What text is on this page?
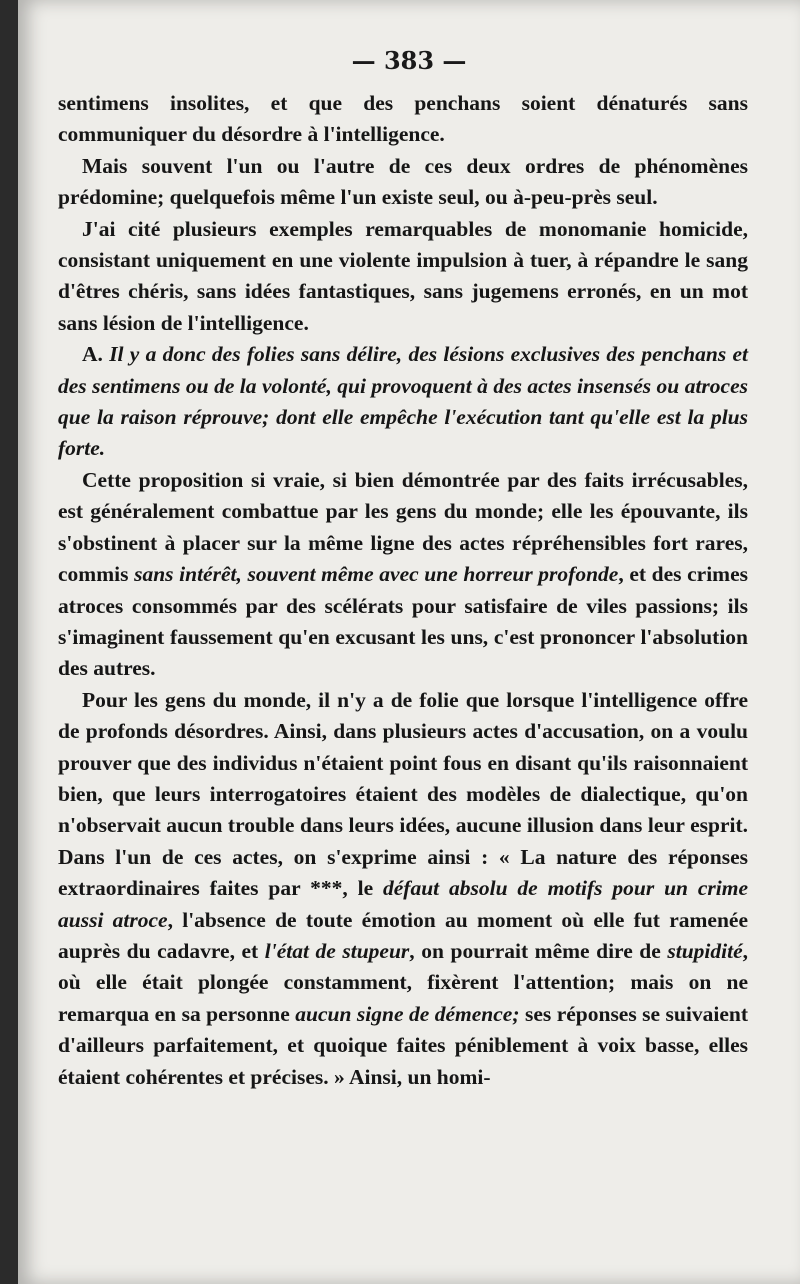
— 383 —

sentimens insolites, et que des penchans soient dénaturés sans communiquer du désordre à l'intelligence.

Mais souvent l'un ou l'autre de ces deux ordres de phénomènes prédomine; quelquefois même l'un existe seul, ou à-peu-près seul.

J'ai cité plusieurs exemples remarquables de monomanie homicide, consistant uniquement en une violente impulsion à tuer, à répandre le sang d'êtres chéris, sans idées fantastiques, sans jugemens erronés, en un mot sans lésion de l'intelligence.

A. Il y a donc des folies sans délire, des lésions exclusives des penchans et des sentimens ou de la volonté, qui provoquent à des actes insensés ou atroces que la raison réprouve; dont elle empêche l'exécution tant qu'elle est la plus forte.

Cette proposition si vraie, si bien démontrée par des faits irrécusables, est généralement combattue par les gens du monde; elle les épouvante, ils s'obstinent à placer sur la même ligne des actes répréhensibles fort rares, commis sans intérêt, souvent même avec une horreur profonde, et des crimes atroces consommés par des scélérats pour satisfaire de viles passions; ils s'imaginent faussement qu'en excusant les uns, c'est prononcer l'absolution des autres.

Pour les gens du monde, il n'y a de folie que lorsque l'intelligence offre de profonds désordres. Ainsi, dans plusieurs actes d'accusation, on a voulu prouver que des individus n'étaient point fous en disant qu'ils raisonnaient bien, que leurs interrogatoires étaient des modèles de dialectique, qu'on n'observait aucun trouble dans leurs idées, aucune illusion dans leur esprit. Dans l'un de ces actes, on s'exprime ainsi : « La nature des réponses extraordinaires faites par ***, le défaut absolu de motifs pour un crime aussi atroce, l'absence de toute émotion au moment où elle fut ramenée auprès du cadavre, et l'état de stupeur, on pourrait même dire de stupidité, où elle était plongée constamment, fixèrent l'attention; mais on ne remarqua en sa personne aucun signe de démence; ses réponses se suivaient d'ailleurs parfaitement, et quoique faites péniblement à voix basse, elles étaient cohérentes et précises. » Ainsi, un homi-
